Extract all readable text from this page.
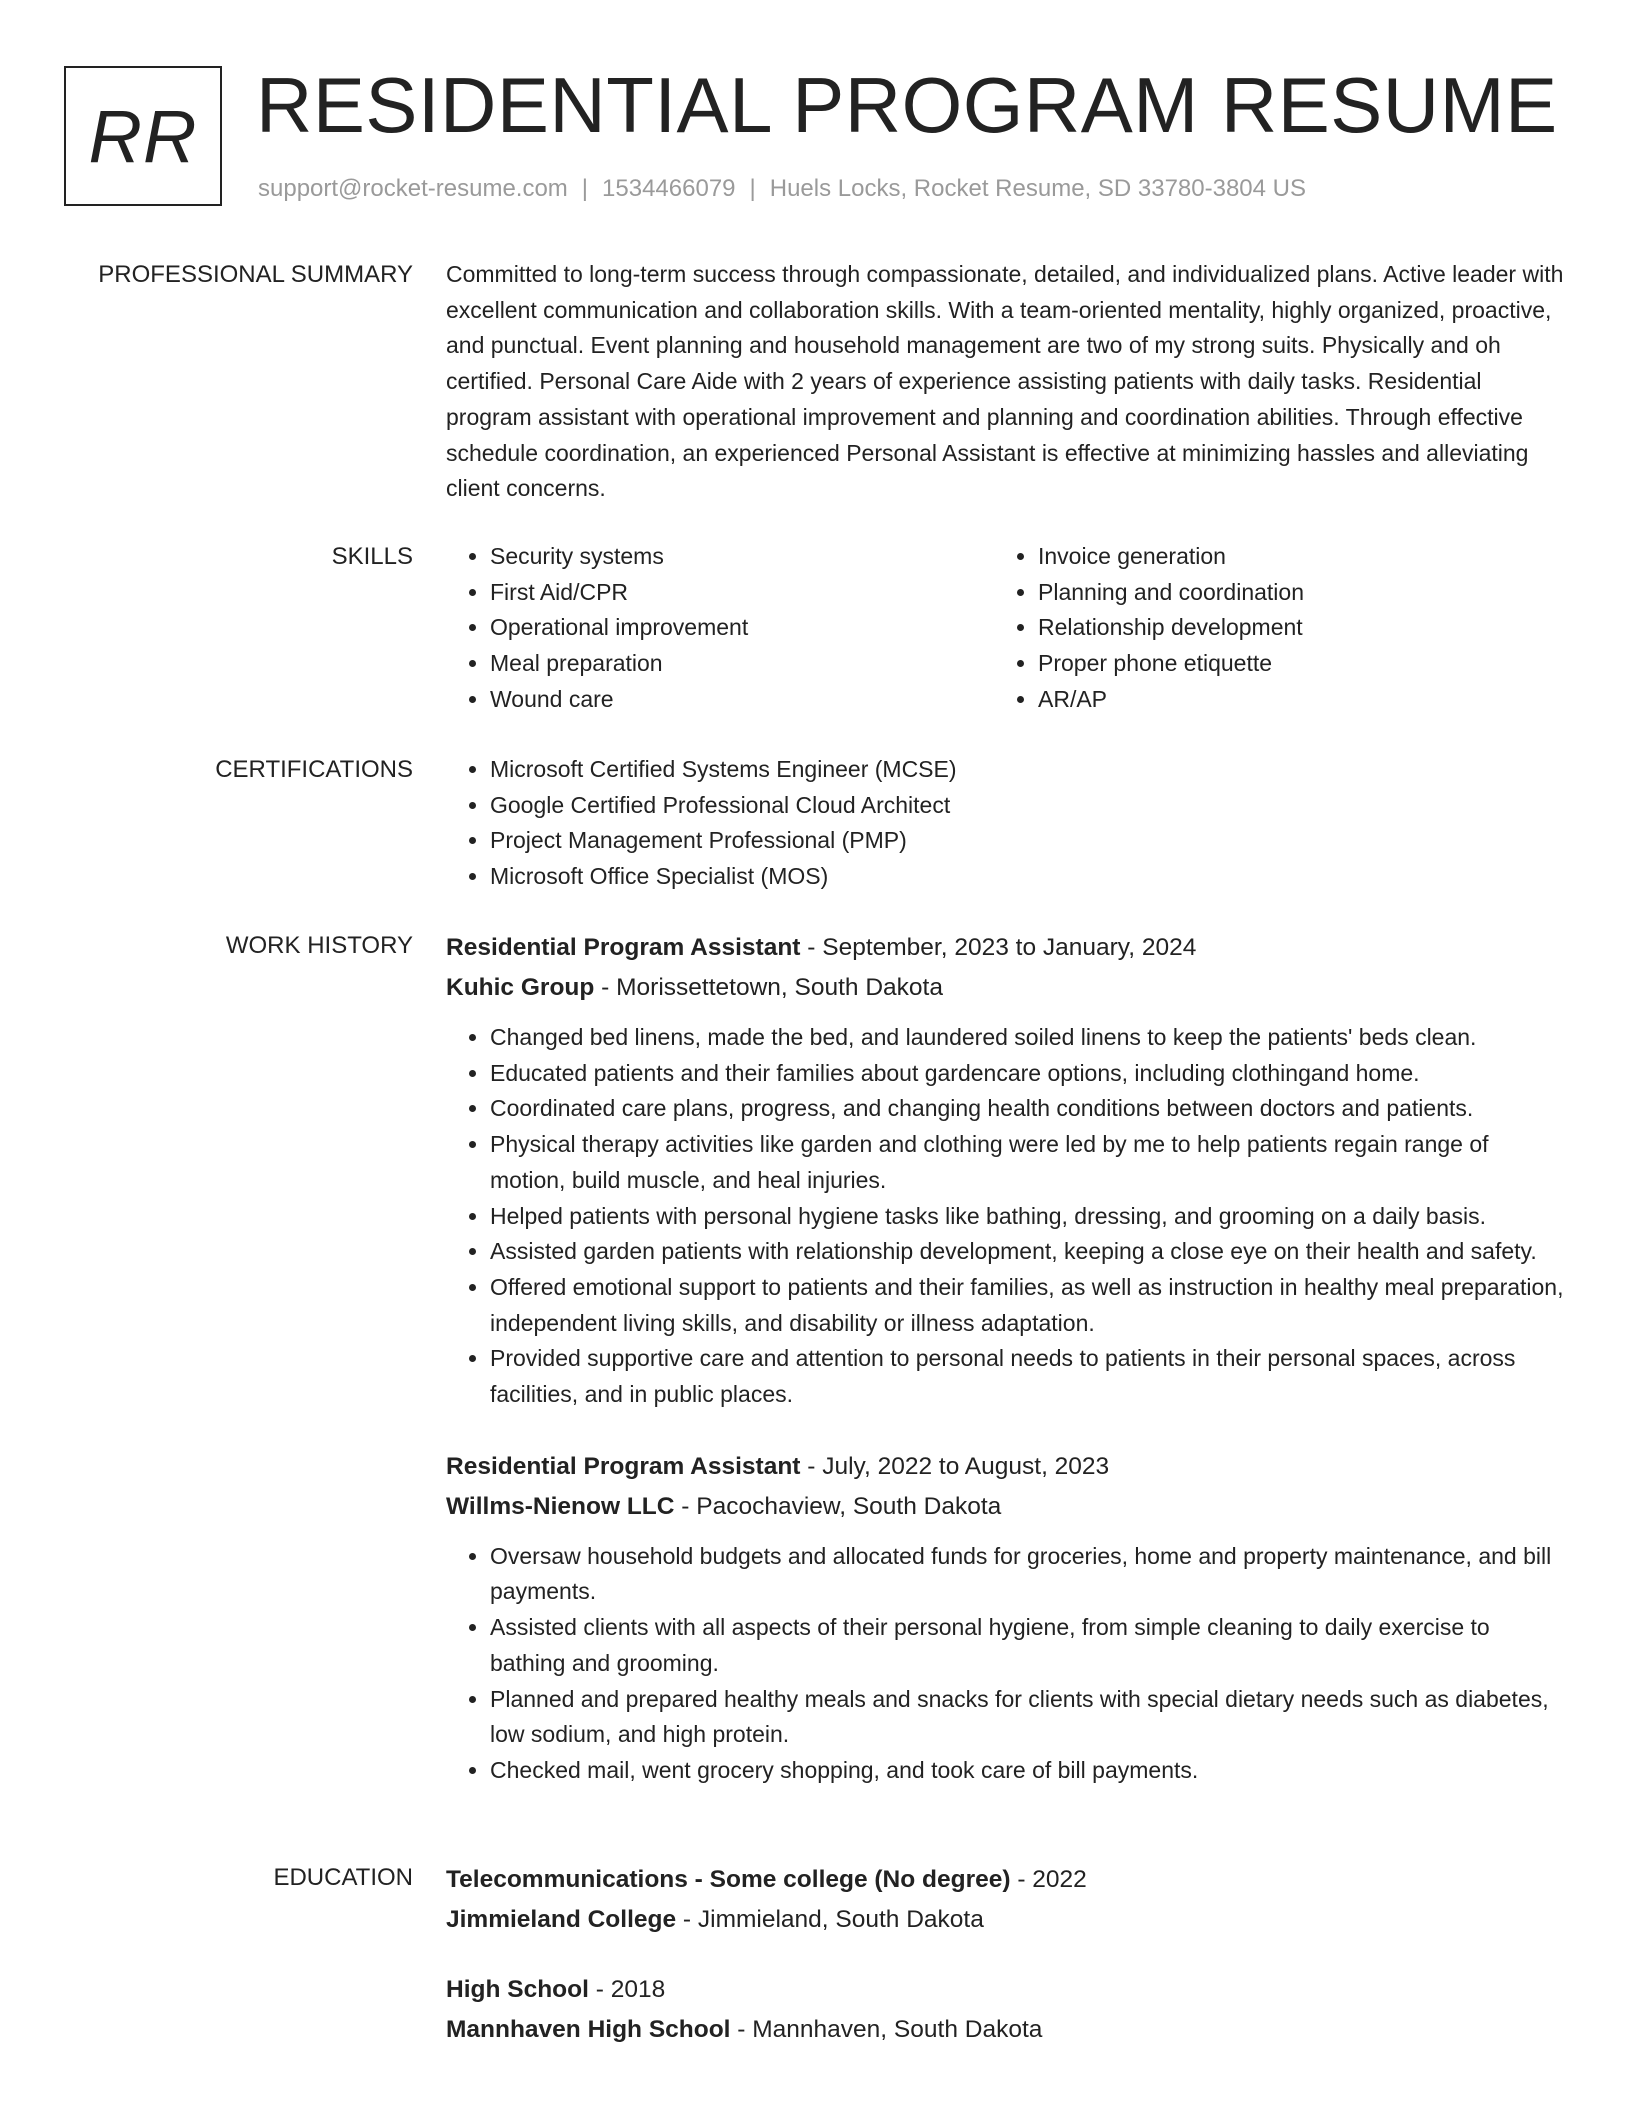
RR RESIDENTIAL PROGRAM RESUME
support@rocket-resume.com | 1534466079 | Huels Locks, Rocket Resume, SD 33780-3804 US
PROFESSIONAL SUMMARY Committed to long-term success through compassionate, detailed, and individualized plans. Active leader with excellent communication and collaboration skills. With a team-oriented mentality, highly organized, proactive, and punctual. Event planning and household management are two of my strong suits. Physically and oh certified. Personal Care Aide with 2 years of experience assisting patients with daily tasks. Residential program assistant with operational improvement and planning and coordination abilities. Through effective schedule coordination, an experienced Personal Assistant is effective at minimizing hassles and alleviating client concerns.

SKILLS	• Security systems
• First Aid/CPR
• Operational improvement
• Meal preparation
• Wound care
• Invoice generation
• Planning and coordination
• Relationship development
• Proper phone etiquette
• AR/AP
CERTIFICATIONS	• Microsoft Certified Systems Engineer (MCSE)
• Google Certified Professional Cloud Architect
• Project Management Professional (PMP)
• Microsoft Office Specialist (MOS)
WORK HISTORY Residential Program Assistant - September, 2023 to January, 2024
Kuhic Group - Morissettetown, South Dakota
• Changed bed linens, made the bed, and laundered soiled linens to keep the patients' beds clean.
• Educated patients and their families about gardencare options, including clothingand home.
• Coordinated care plans, progress, and changing health conditions between doctors and patients.
• Physical therapy activities like garden and clothing were led by me to help patients regain range of motion, build muscle, and heal injuries.
• Helped patients with personal hygiene tasks like bathing, dressing, and grooming on a daily basis.
• Assisted garden patients with relationship development, keeping a close eye on their health and safety.
• Offered emotional support to patients and their families, as well as instruction in healthy meal preparation, independent living skills, and disability or illness adaptation.
• Provided supportive care and attention to personal needs to patients in their personal spaces, across facilities, and in public places.
Residential Program Assistant - July, 2022 to August, 2023
Willms-Nienow LLC - Pacochaview, South Dakota
• Oversaw household budgets and allocated funds for groceries, home and property maintenance, and bill payments.
• Assisted clients with all aspects of their personal hygiene, from simple cleaning to daily exercise to bathing and grooming.
• Planned and prepared healthy meals and snacks for clients with special dietary needs such as diabetes, low sodium, and high protein.
• Checked mail, went grocery shopping, and took care of bill payments.
EDUCATION Telecommunications - Some college (No degree) - 2022
Jimmieland College - Jimmieland, South Dakota
High School - 2018
Mannhaven High School - Mannhaven, South Dakota
